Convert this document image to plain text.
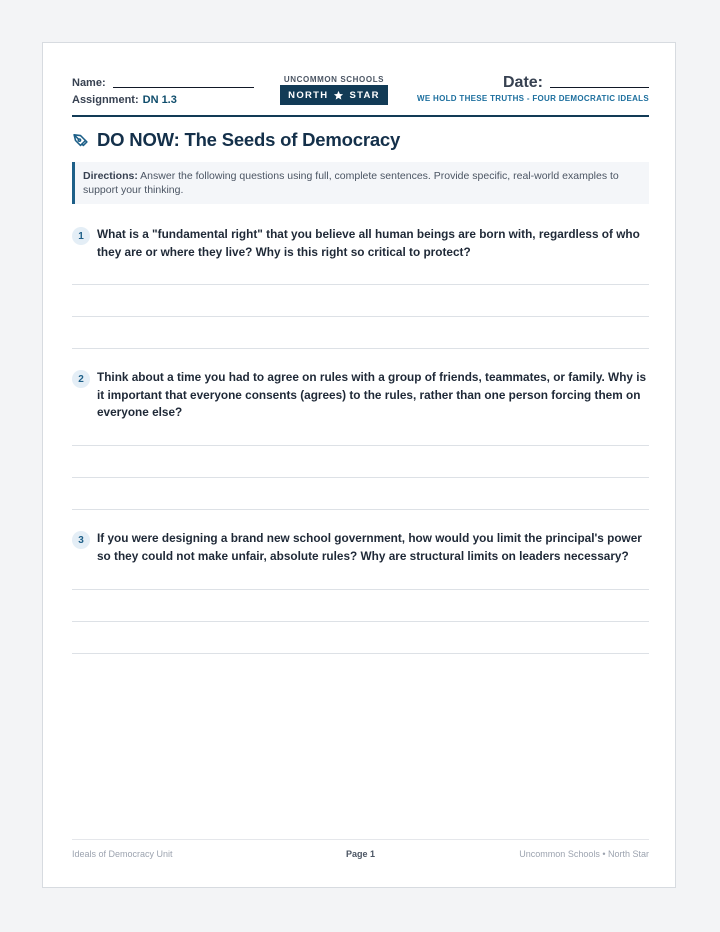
Name:
Assignment: DN 1.3
UNCOMMON SCHOOLS
NORTH STAR
Date:
WE HOLD THESE TRUTHS - FOUR DEMOCRATIC IDEALS
DO NOW: The Seeds of Democracy
Directions: Answer the following questions using full, complete sentences. Provide specific, real-world examples to support your thinking.
1	What is a "fundamental right" that you believe all human beings are born with, regardless of who they are or where they live? Why is this right so critical to protect?
2	Think about a time you had to agree on rules with a group of friends, teammates, or family. Why is it important that everyone consents (agrees) to the rules, rather than one person forcing them on everyone else?
3	If you were designing a brand new school government, how would you limit the principal's power so they could not make unfair, absolute rules? Why are structural limits on leaders necessary?
Page 1
Ideals of Democracy Unit	Uncommon Schools • North Star
